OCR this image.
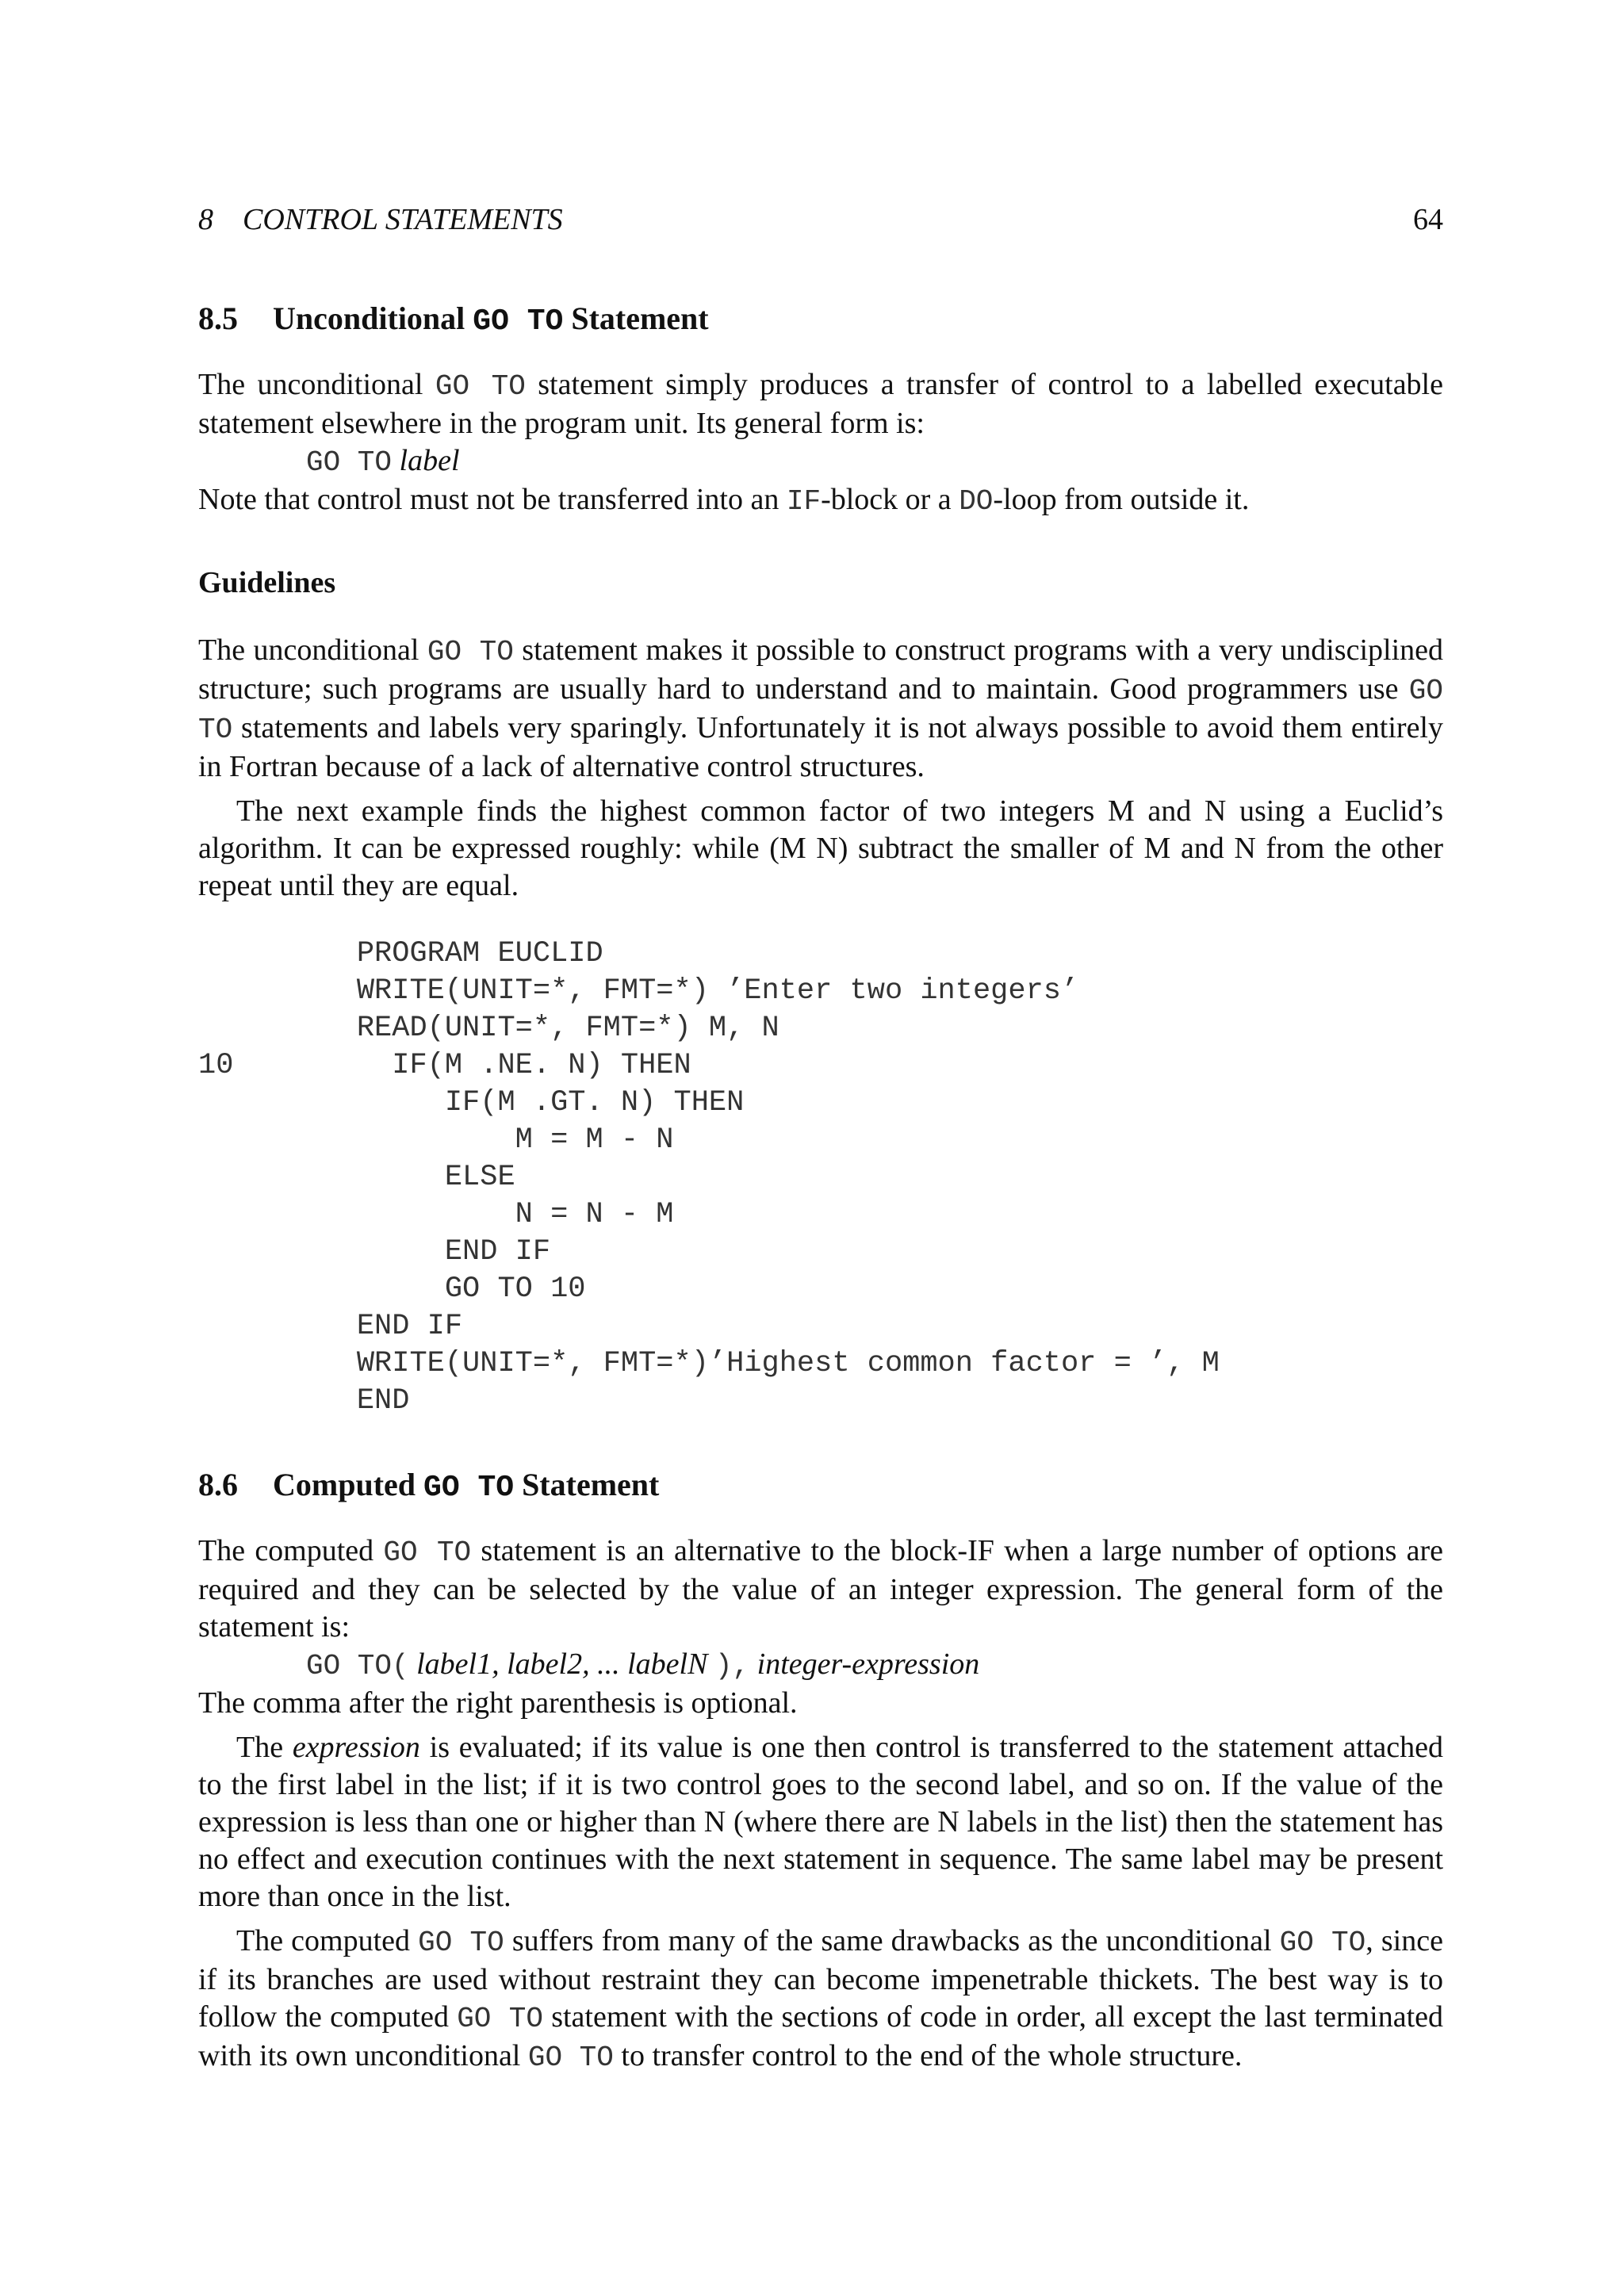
8 CONTROL STATEMENTS	64
8.5 Unconditional GO TO Statement

The unconditional GO TO statement simply produces a transfer of control to a labelled executable statement elsewhere in the program unit. Its general form is:

GO TO label

Note that control must not be transferred into an IF-block or a DO-loop from outside it.

Guidelines

The unconditional GO TO statement makes it possible to construct programs with a very undisciplined structure; such programs are usually hard to understand and to maintain. Good programmers use GO TO statements and labels very sparingly. Unfortunately it is not always possible to avoid them entirely in Fortran because of a lack of alternative control structures.

The next example finds the highest common factor of two integers M and N using a Euclid’s algorithm. It can be expressed roughly: while (M N) subtract the smaller of M and N from the other repeat until they are equal.

PROGRAM EUCLID
WRITE(UNIT=*, FMT=*) ’Enter two integers’
READ(UNIT=*, FMT=*) M, N
10         IF(M .NE. N) THEN
IF(M .GT. N) THEN
M = M - N
ELSE
N = N - M
END IF
GO TO 10
END IF
WRITE(UNIT=*, FMT=*)’Highest common factor = ’, M
END
8.6 Computed GO TO Statement

The computed GO TO statement is an alternative to the block-IF when a large number of options are required and they can be selected by the value of an integer expression. The general form of the statement is:

GO TO( label1, label2, ... labelN ), integer-expression

The comma after the right parenthesis is optional.

The expression is evaluated; if its value is one then control is transferred to the statement attached to the first label in the list; if it is two control goes to the second label, and so on. If the value of the expression is less than one or higher than N (where there are N labels in the list) then the statement has no effect and execution continues with the next statement in sequence. The same label may be present more than once in the list.

The computed GO TO suffers from many of the same drawbacks as the unconditional GO TO, since if its branches are used without restraint they can become impenetrable thickets. The best way is to follow the computed GO TO statement with the sections of code in order, all except the last terminated with its own unconditional GO TO to transfer control to the end of the whole structure.
